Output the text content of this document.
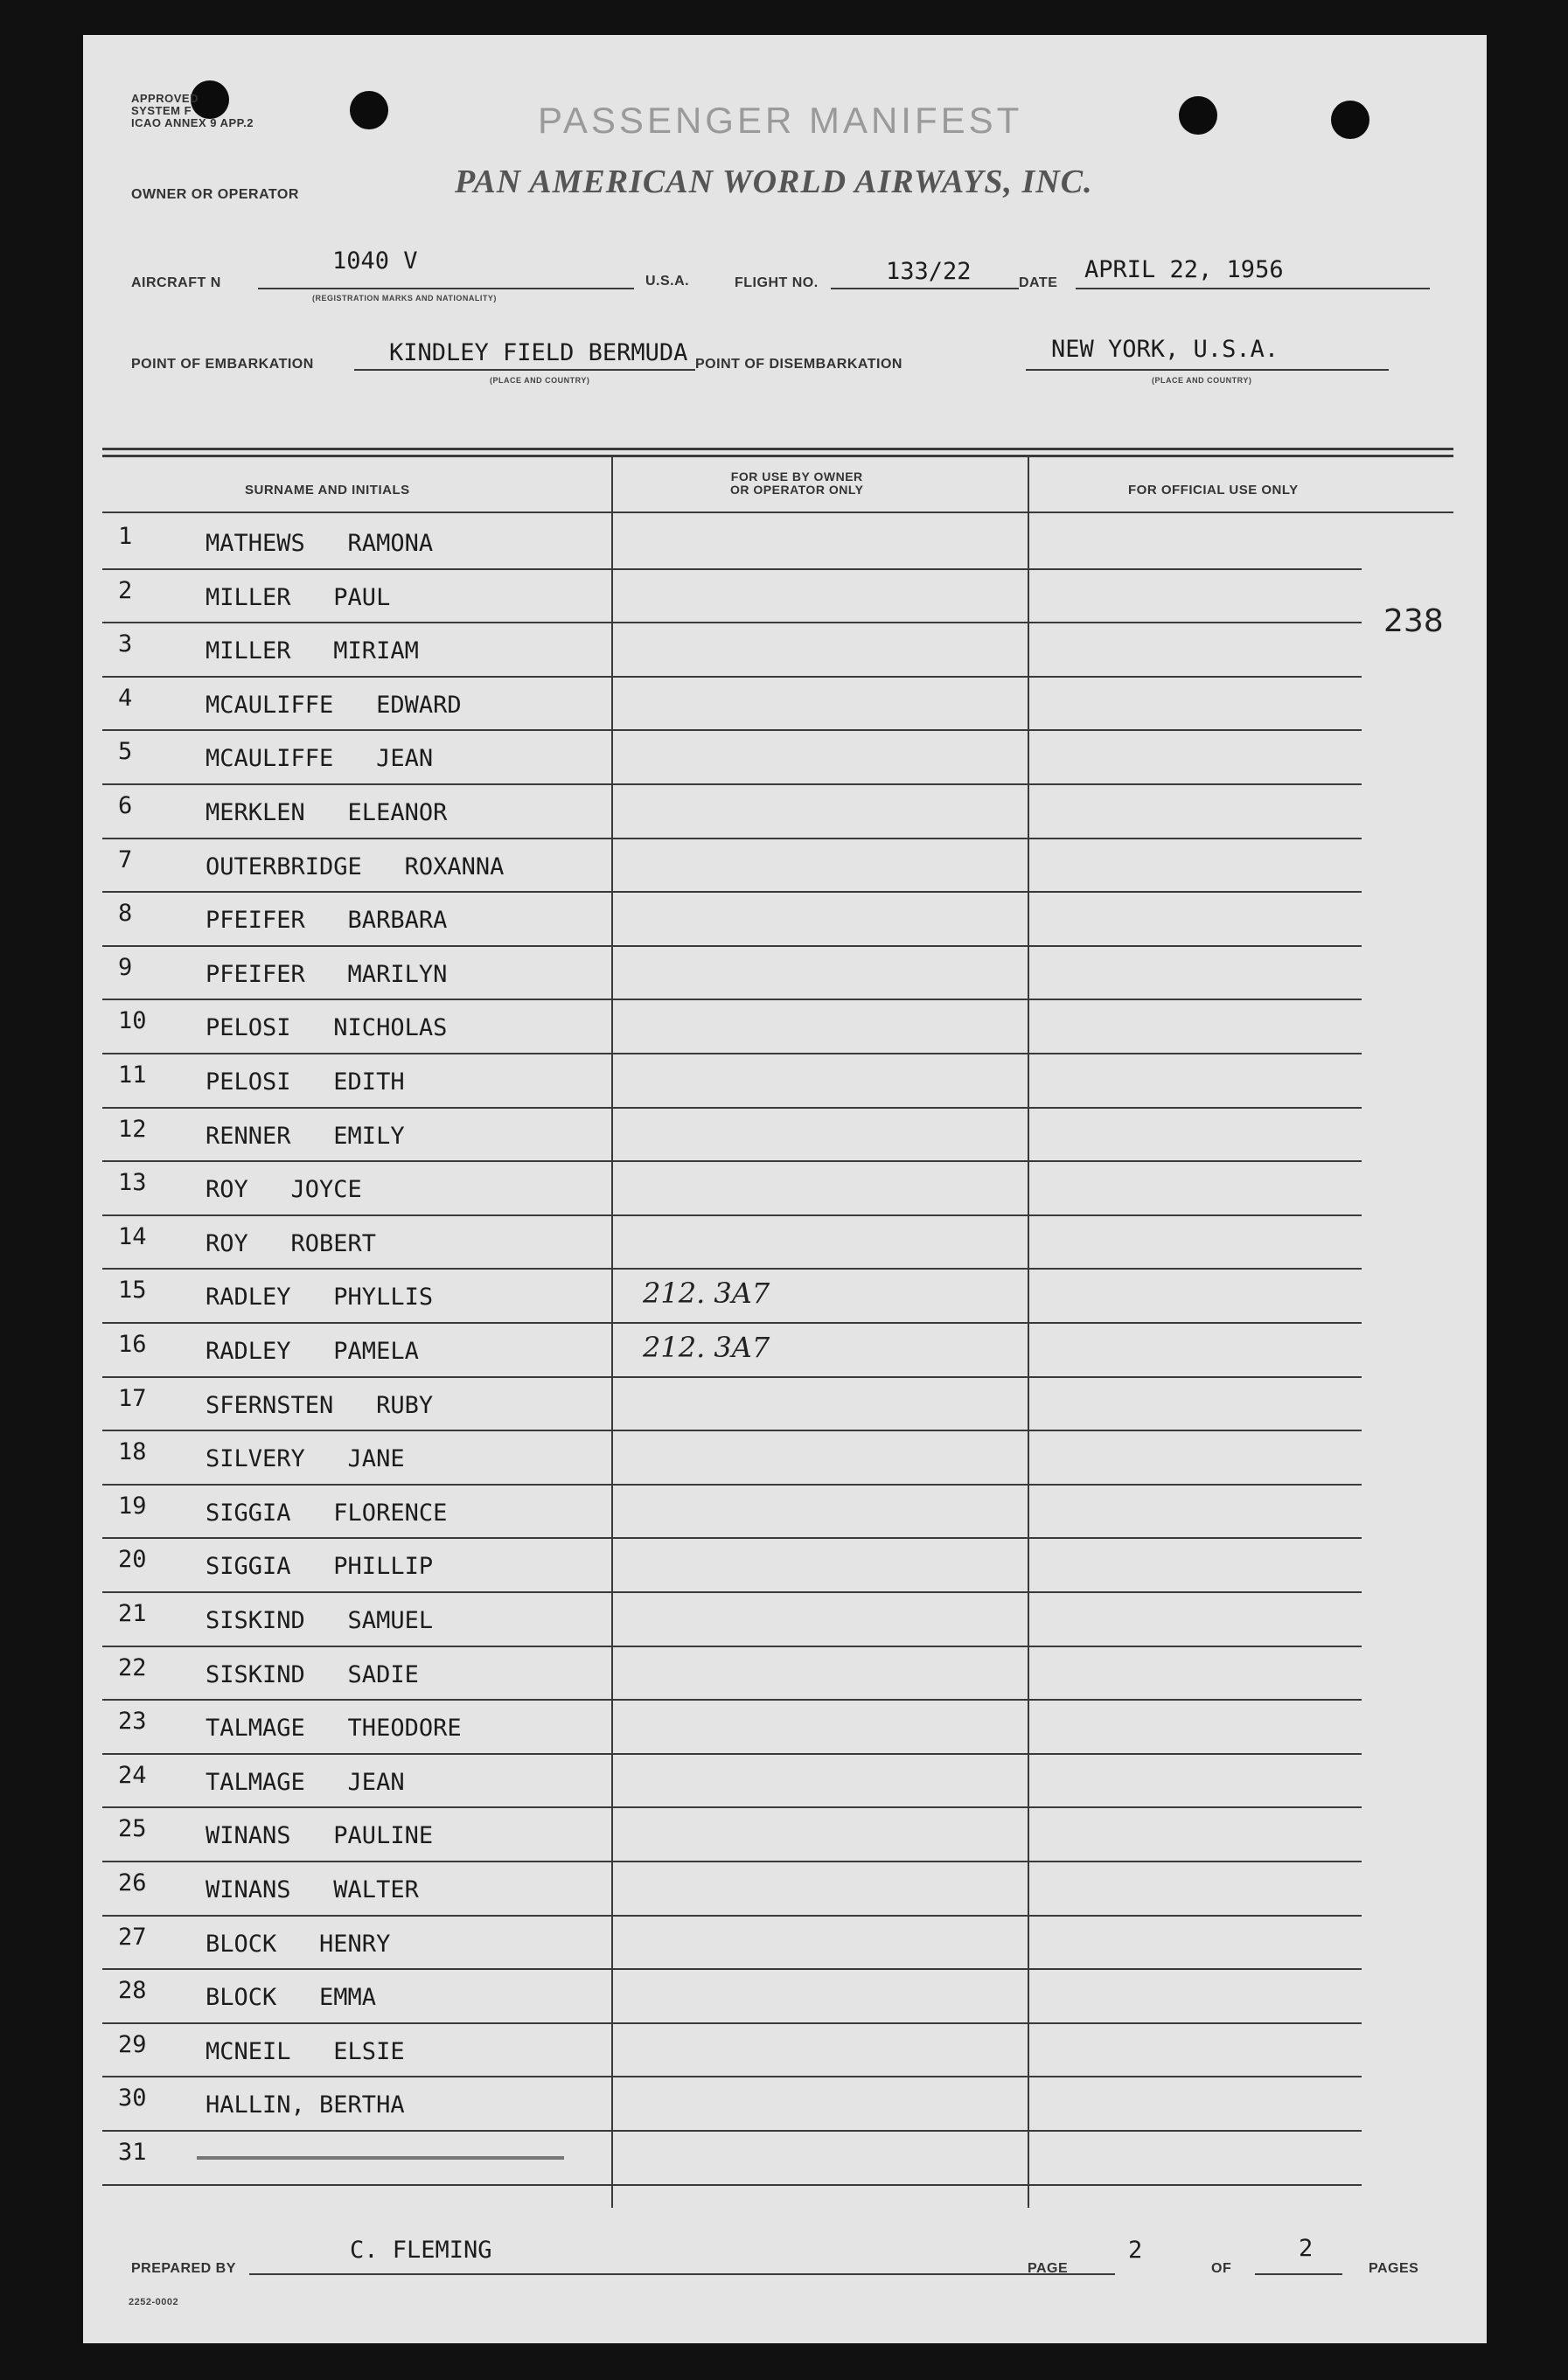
APPROVED
SYSTEM F
ICAO ANNEX 9 APP.2	PASSENGER MANIFEST
OWNER OR OPERATOR	PAN AMERICAN WORLD AIRWAYS, INC.
AIRCRAFT N
1040 V
(REGISTRATION MARKS AND NATIONALITY)
U.S.A.	FLIGHT NO.	133/22	DATE APRIL 22, 1956
POINT OF EMBARKATION	KINDLEY FIELD BERMUDA
(PLACE AND COUNTRY)
POINT OF DISEMBARKATION
NEW YORK, U.S.A.
(PLACE AND COUNTRY)
SURNAME AND INITIALS
FOR USE BY OWNER
OR OPERATOR ONLY	FOR OFFICIAL USE ONLY
1	MATHEWS   RAMONA
2	MILLER   PAUL
3	MILLER   MIRIAM
4	MCAULIFFE   EDWARD
5	MCAULIFFE   JEAN
6	MERKLEN   ELEANOR
7	OUTERBRIDGE   ROXANNA
8	PFEIFER   BARBARA
9	PFEIFER   MARILYN
10 PELOSI   NICHOLAS
11 PELOSI   EDITH
12 RENNER   EMILY
13 ROY   JOYCE
14 ROY   ROBERT
15 RADLEY   PHYLLIS	212. 3A7
16 RADLEY   PAMELA	212. 3A7
17 SFERNSTEN   RUBY
18 SILVERY   JANE
19 SIGGIA   FLORENCE
20 SIGGIA   PHILLIP
21 SISKIND   SAMUEL
22 SISKIND   SADIE
23 TALMAGE   THEODORE
24 TALMAGE   JEAN
25 WINANS   PAULINE
26 WINANS   WALTER
27 BLOCK   HENRY
28 BLOCK   EMMA
29 MCNEIL   ELSIE
30 HALLIN, BERTHA
31
238
PREPARED BY
C. FLEMING
PAGE
2
OF
2
PAGES
2252-0002
